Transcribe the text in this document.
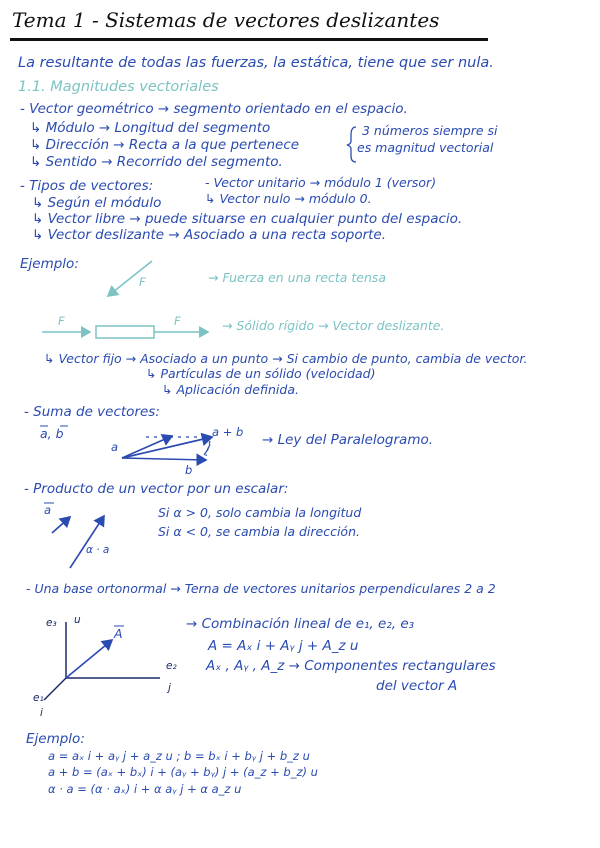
Tema 1 - Sistemas de vectores deslizantes
La resultante de todas las fuerzas, la estática, tiene que ser nula.
1.1. Magnitudes vectoriales
- Vector geométrico → segmento orientado en el espacio.
↳ Módulo → Longitud del segmento
↳ Dirección → Recta a la que pertenece
↳ Sentido → Recorrido del segmento.
3 números siempre si
es magnitud vectorial
- Tipos de vectores:	- Vector unitario → módulo 1 (versor)
↳ Según el módulo	↳ Vector nulo → módulo 0.
↳ Vector libre → puede situarse en cualquier punto del espacio.
↳ Vector deslizante → Asociado a una recta soporte.
Ejemplo:
F	→ Fuerza en una recta tensa
F	F	→ Sólido rígido → Vector deslizante.
↳ Vector fijo → Asociado a un punto → Si cambio de punto, cambia de vector.
↳ Partículas de un sólido (velocidad)
↳ Aplicación definida.
- Suma de vectores:
a, b
a
a + b
b
→ Ley del Paralelogramo.
- Producto de un vector por un escalar:
a	Si α > 0, solo cambia la longitud
Si α < 0, se cambia la dirección.
α · a
- Una base ortonormal → Terna de vectores unitarios perpendiculares 2 a 2
e₃ u
A
e₂
j
e₁
i
→ Combinación lineal de e₁, e₂, e₃
A = Aₓ i + Aᵧ j + A_z u
Aₓ , Aᵧ , A_z → Componentes rectangulares
del vector A
Ejemplo:
a = aₓ i + aᵧ j + a_z u ; b = bₓ i + bᵧ j + b_z u
a + b = (aₓ + bₓ) i + (aᵧ + bᵧ) j + (a_z + b_z) u
α · a = (α · aₓ) i + α aᵧ j + α a_z u
